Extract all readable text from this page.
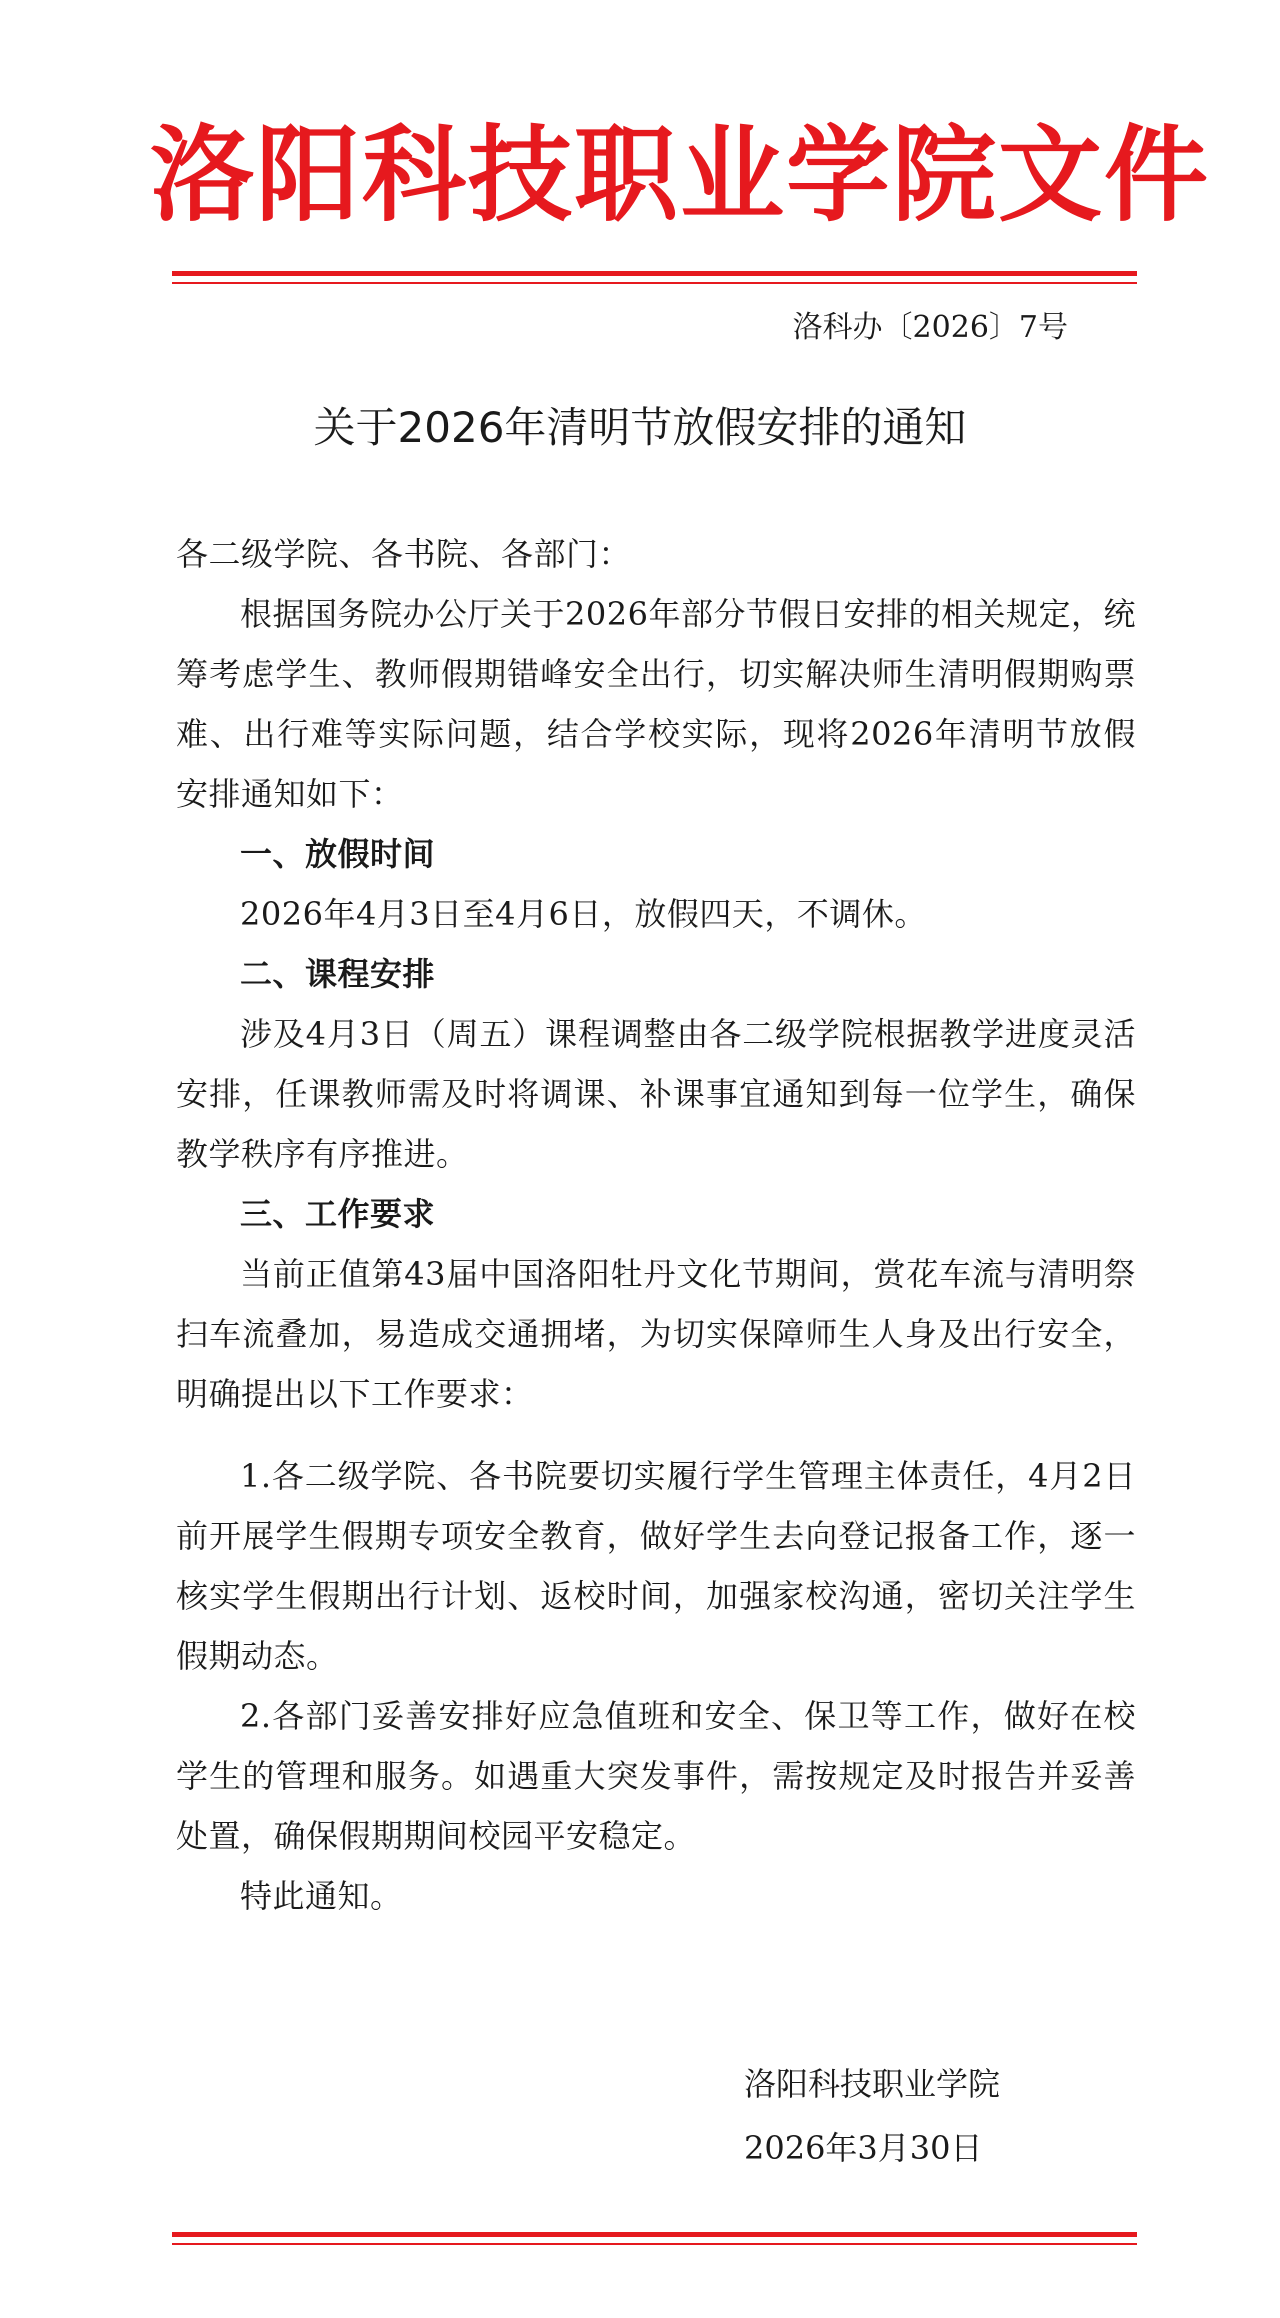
洛阳科技职业学院文件
洛科办〔2026〕7号
关于2026年清明节放假安排的通知

各二级学院、各书院、各部门：

根据国务院办公厅关于2026年部分节假日安排的相关规定，统筹考虑学生、教师假期错峰安全出行，切实解决师生清明假期购票难、出行难等实际问题，结合学校实际，现将2026年清明节放假安排通知如下：

一、放假时间

2026年4月3日至4月6日，放假四天，不调休。

二、课程安排

涉及4月3日（周五）课程调整由各二级学院根据教学进度灵活安排，任课教师需及时将调课、补课事宜通知到每一位学生，确保教学秩序有序推进。

三、工作要求

当前正值第43届中国洛阳牡丹文化节期间，赏花车流与清明祭扫车流叠加，易造成交通拥堵，为切实保障师生人身及出行安全，明确提出以下工作要求：

1.各二级学院、各书院要切实履行学生管理主体责任，4月2日前开展学生假期专项安全教育，做好学生去向登记报备工作，逐一核实学生假期出行计划、返校时间，加强家校沟通，密切关注学生假期动态。

2.各部门妥善安排好应急值班和安全、保卫等工作，做好在校学生的管理和服务。如遇重大突发事件，需按规定及时报告并妥善处置，确保假期期间校园平安稳定。

特此通知。

洛阳科技职业学院
2026年3月30日
